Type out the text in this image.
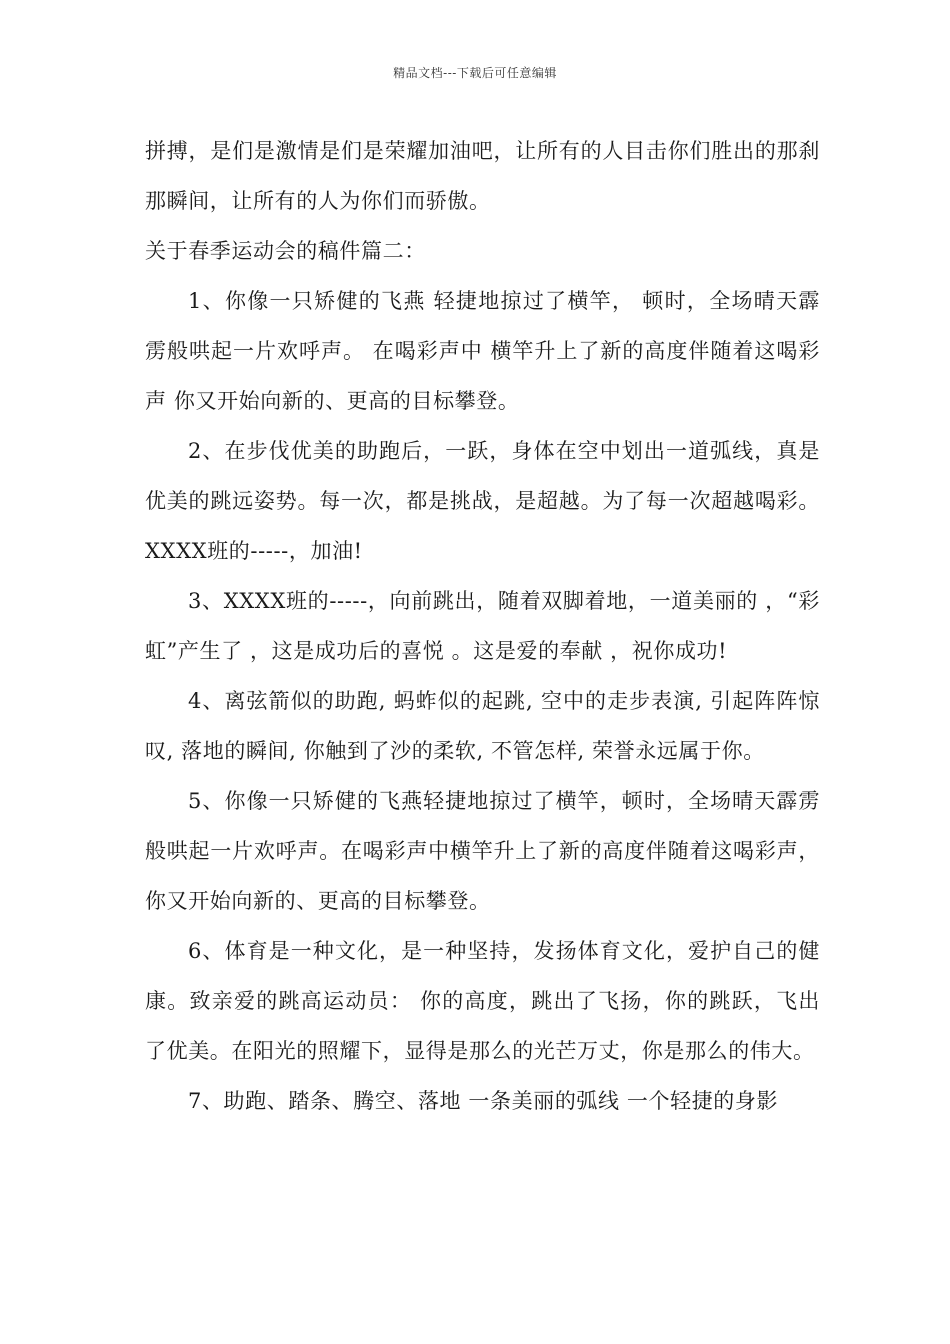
精品文档---下载后可任意编辑

拼搏，是们是激情是们是荣耀加油吧，让所有的人目击你们胜出的那刹那瞬间，让所有的人为你们而骄傲。

关于春季运动会的稿件篇二：

1、你像一只矫健的飞燕 轻捷地掠过了横竿， 顿时，全场晴天霹雳般哄起一片欢呼声。 在喝彩声中 横竿升上了新的高度伴随着这喝彩声 你又开始向新的、更高的目标攀登。

2、在步伐优美的助跑后，一跃，身体在空中划出一道弧线，真是优美的跳远姿势。每一次，都是挑战，是超越。为了每一次超越喝彩。XXXX班的-----，加油!

3、XXXX班的-----，向前跳出，随着双脚着地，一道美丽的 ，“彩虹”产生了 ，这是成功后的喜悦 。这是爱的奉献 ，祝你成功!

4、离弦箭似的助跑, 蚂蚱似的起跳, 空中的走步表演, 引起阵阵惊叹, 落地的瞬间, 你触到了沙的柔软, 不管怎样, 荣誉永远属于你。

5、你像一只矫健的飞燕轻捷地掠过了横竿，顿时，全场晴天霹雳般哄起一片欢呼声。在喝彩声中横竿升上了新的高度伴随着这喝彩声，你又开始向新的、更高的目标攀登。

6、体育是一种文化，是一种坚持，发扬体育文化，爱护自己的健康。致亲爱的跳高运动员： 你的高度，跳出了飞扬，你的跳跃，飞出了优美。在阳光的照耀下，显得是那么的光芒万丈，你是那么的伟大。

7、助跑、踏条、腾空、落地 一条美丽的弧线 一个轻捷的身影
